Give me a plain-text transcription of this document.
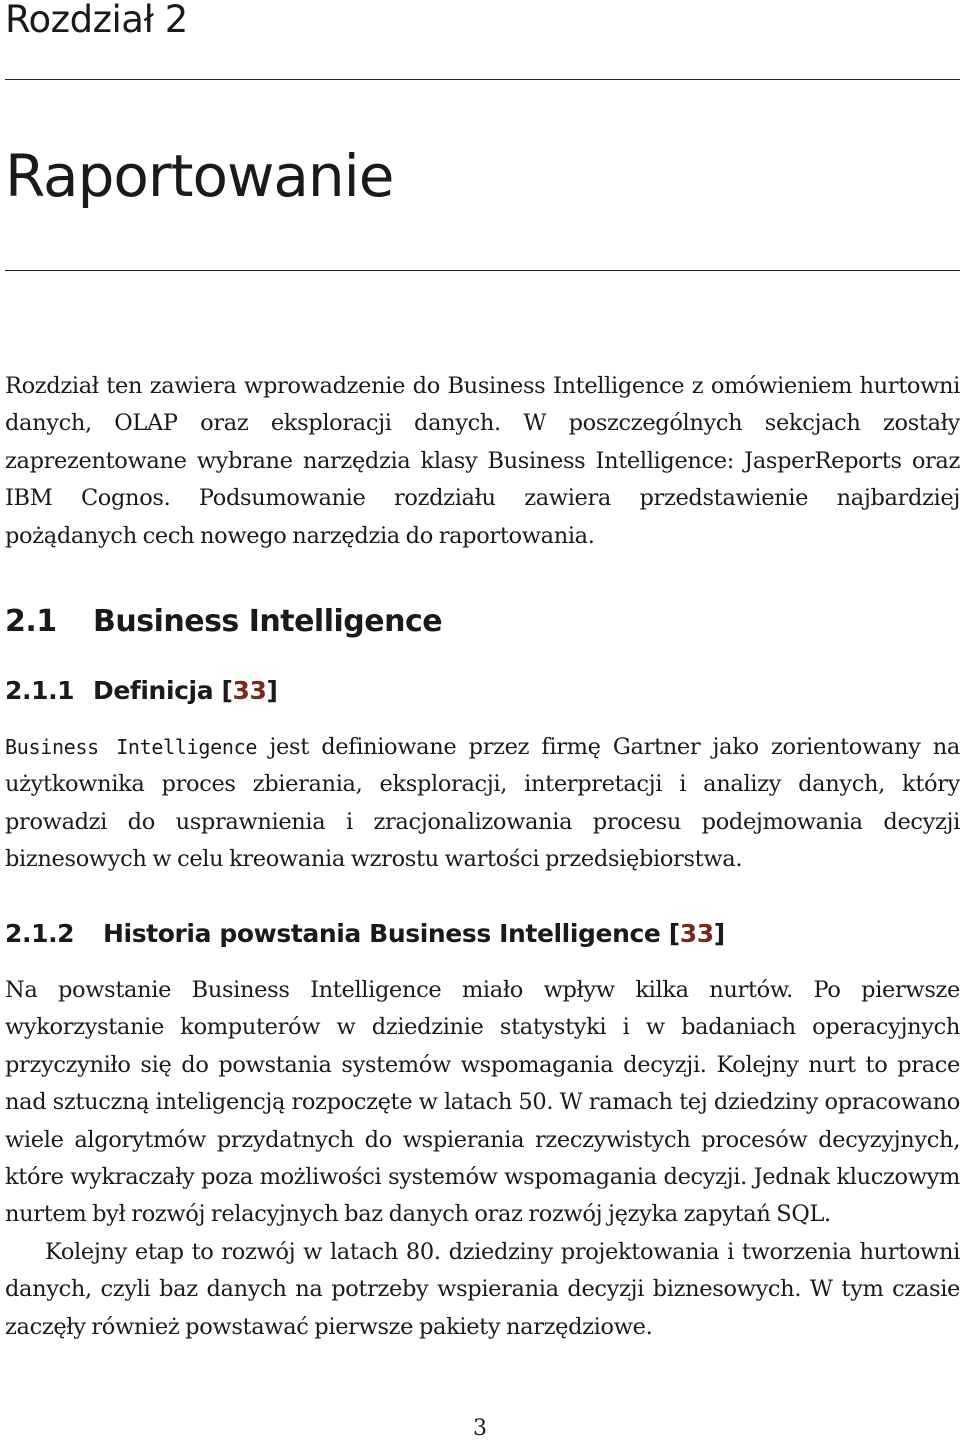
Rozdział 2
Raportowanie

Rozdział ten zawiera wprowadzenie do Business Intelligence z omówieniem hurtowni danych, OLAP oraz eksploracji danych. W poszczególnych sekcjach zostały zaprezentowane wybrane narzędzia klasy Business Intelligence: JasperReports oraz IBM Cognos. Podsumowanie rozdziału zawiera przedstawienie najbardziej pożądanych cech nowego narzędzia do raportowania.

2.1 Business Intelligence
2.1.1 Definicja [33]

Business Intelligence jest definiowane przez firmę Gartner jako zorientowany na użytkownika proces zbierania, eksploracji, interpretacji i analizy danych, który prowadzi do usprawnienia i zracjonalizowania procesu podejmowania decyzji biznesowych w celu kreowania wzrostu wartości przedsiębiorstwa.

2.1.2 Historia powstania Business Intelligence [33]
Na powstanie Business Intelligence miało wpływ kilka nurtów. Po pierwsze wykorzystanie komputerów w dziedzinie statystyki i w badaniach operacyjnych przyczyniło się do powstania systemów wspomagania decyzji. Kolejny nurt to prace nad sztuczną inteligencją rozpoczęte w latach 50. W ramach tej dziedziny opracowano wiele algorytmów przydatnych do wspierania rzeczywistych procesów decyzyjnych, które wykraczały poza możliwości systemów wspomagania decyzji. Jednak kluczowym nurtem był rozwój relacyjnych baz danych oraz rozwój języka zapytań SQL.
Kolejny etap to rozwój w latach 80. dziedziny projektowania i tworzenia hurtowni danych, czyli baz danych na potrzeby wspierania decyzji biznesowych. W tym czasie zaczęły również powstawać pierwsze pakiety narzędziowe.
3
